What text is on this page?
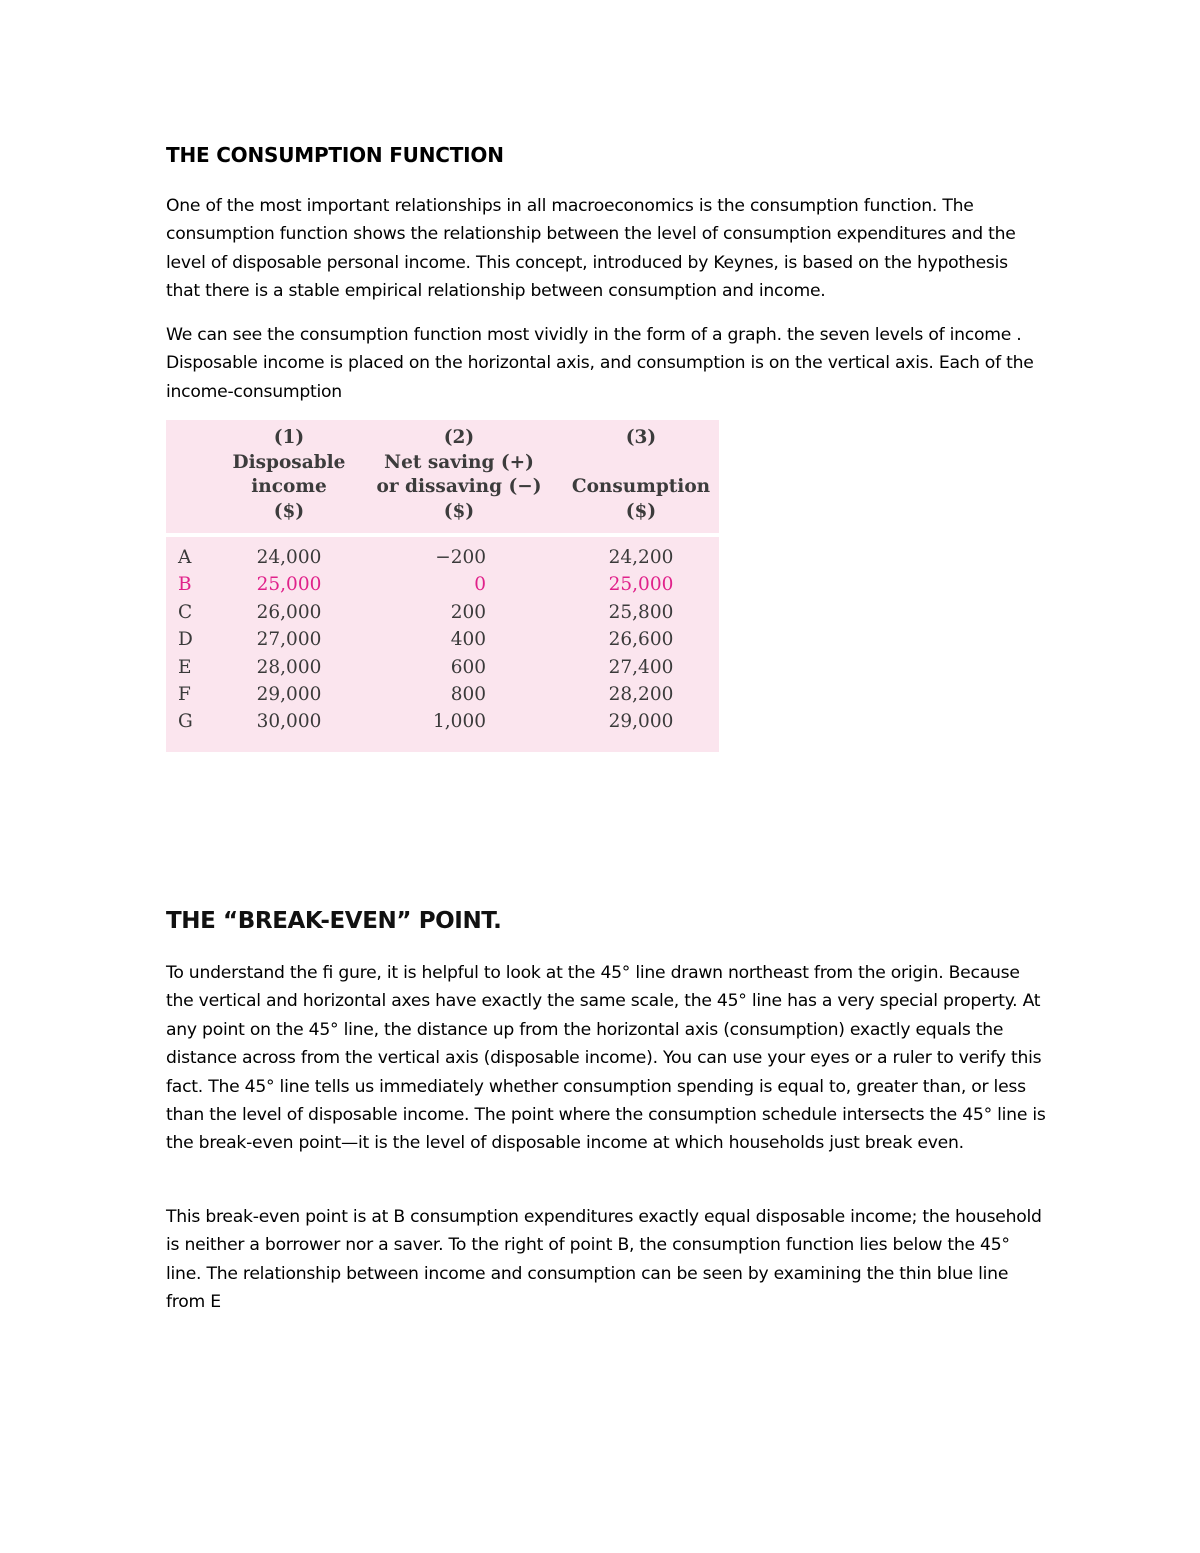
THE CONSUMPTION FUNCTION
One of the most important relationships in all macroeconomics is the consumption function. The consumption function shows the relationship between the level of consumption expenditures and the level of disposable personal income. This concept, introduced by Keynes, is based on the hypothesis that there is a stable empirical relationship between consumption and income.
We can see the consumption function most vividly in the form of a graph. the seven levels of income . Disposable income is placed on the horizontal axis, and consumption is on the vertical axis. Each of the income-consumption
(1)
Disposable
income
($)
(2)
Net saving (+)
or dissaving (−)
($)
(3)
Consumption
($)
A	24,000	−200	24,200
B	25,000	0	25,000
C	26,000	200	25,800
D	27,000	400	26,600
E	28,000	600	27,400
F	29,000	800	28,200
G	30,000	1,000	29,000
THE “BREAK-EVEN” POINT.
To understand the ﬁ gure, it is helpful to look at the 45° line drawn northeast from the origin. Because the vertical and horizontal axes have exactly the same scale, the 45° line has a very special property. At any point on the 45° line, the distance up from the horizontal axis (consumption) exactly equals the distance across from the vertical axis (disposable income). You can use your eyes or a ruler to verify this fact. The 45° line tells us immediately whether consumption spending is equal to, greater than, or less than the level of disposable income. The point where the consumption schedule intersects the 45° line is the break-even point—it is the level of disposable income at which households just break even.
This break-even point is at B consumption expenditures exactly equal disposable income; the household is neither a borrower nor a saver. To the right of point B, the consumption function lies below the 45° line. The relationship between income and consumption can be seen by examining the thin blue line from E
